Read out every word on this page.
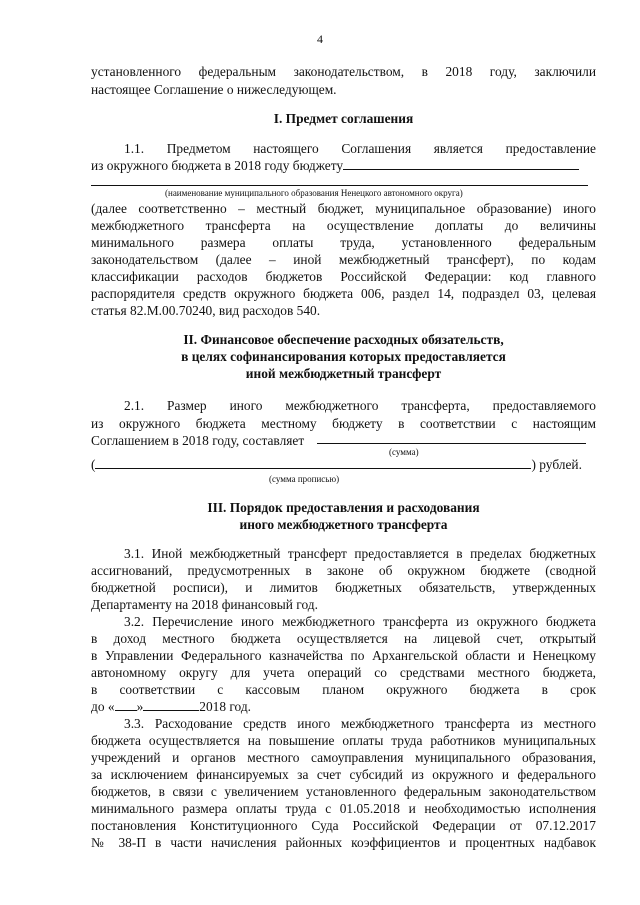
4
установленного федеральным законодательством, в 2018 году, заключили
настоящее Соглашение о нижеследующем.
I. Предмет соглашения
1.1. Предметом настоящего Соглашения является предоставление
из окружного бюджета в 2018 году бюджету
(наименование муниципального образования Ненецкого автономного округа)
(далее соответственно – местный бюджет, муниципальное образование) иного
межбюджетного трансферта на осуществление доплаты до величины
минимального размера оплаты труда, установленного федеральным
законодательством (далее – иной межбюджетный трансферт), по кодам
классификации расходов бюджетов Российской Федерации: код главного
распорядителя средств окружного бюджета 006, раздел 14, подраздел 03, целевая
статья 82.М.00.70240, вид расходов 540.
II. Финансовое обеспечение расходных обязательств,
в целях софинансирования которых предоставляется
иной межбюджетный трансферт
2.1. Размер иного межбюджетного трансферта, предоставляемого
из окружного бюджета местному бюджету в соответствии с настоящим
Соглашением в 2018 году, составляет
(сумма)
(	) рублей.
(сумма прописью)
III. Порядок предоставления и расходования
иного межбюджетного трансферта
3.1. Иной межбюджетный трансферт предоставляется в пределах бюджетных
ассигнований, предусмотренных в законе об окружном бюджете (сводной
бюджетной росписи), и лимитов бюджетных обязательств, утвержденных
Департаменту на 2018 финансовый год.
3.2. Перечисление иного межбюджетного трансферта из окружного бюджета
в доход местного бюджета осуществляется на лицевой счет, открытый
в Управлении Федерального казначейства по Архангельской области и Ненецкому
автономному округу для учета операций со средствами местного бюджета,
в соответствии с кассовым планом окружного бюджета в срок
до « »	2018 год.
3.3. Расходование средств иного межбюджетного трансферта из местного
бюджета осуществляется на повышение оплаты труда работников муниципальных
учреждений и органов местного самоуправления муниципального образования,
за исключением финансируемых за счет субсидий из окружного и федерального
бюджетов, в связи с увеличением установленного федеральным законодательством
минимального размера оплаты труда с 01.05.2018 и необходимостью исполнения
постановления Конституционного Суда Российской Федерации от 07.12.2017
№ 38-П в части начисления районных коэффициентов и процентных надбавок
